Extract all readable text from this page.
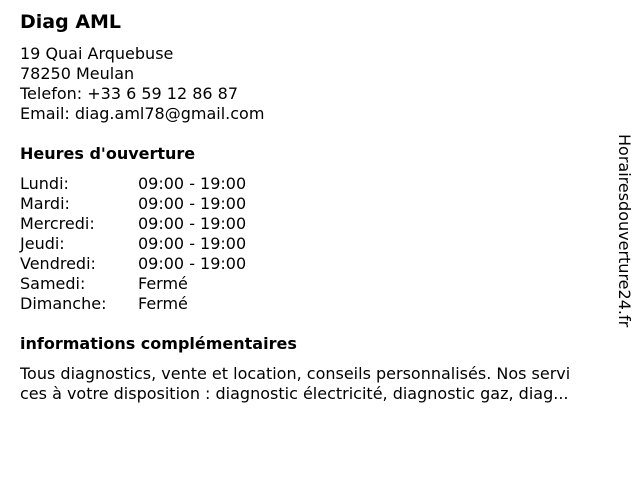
Diag AML
19 Quai Arquebuse
78250 Meulan
Telefon: +33 6 59 12 86 87
Email: diag.aml78@gmail.com
Heures d'ouverture
Lundi:	09:00 - 19:00
Mardi:	09:00 - 19:00
Mercredi:	09:00 - 19:00
Jeudi:	09:00 - 19:00
Vendredi:	09:00 - 19:00
Samedi:	Fermé
Dimanche:	Fermé
informations complémentaires
Tous diagnostics, vente et location, conseils personnalisés. Nos servi
ces à votre disposition : diagnostic électricité, diagnostic gaz, diag...
Horairesdouverture24.fr
